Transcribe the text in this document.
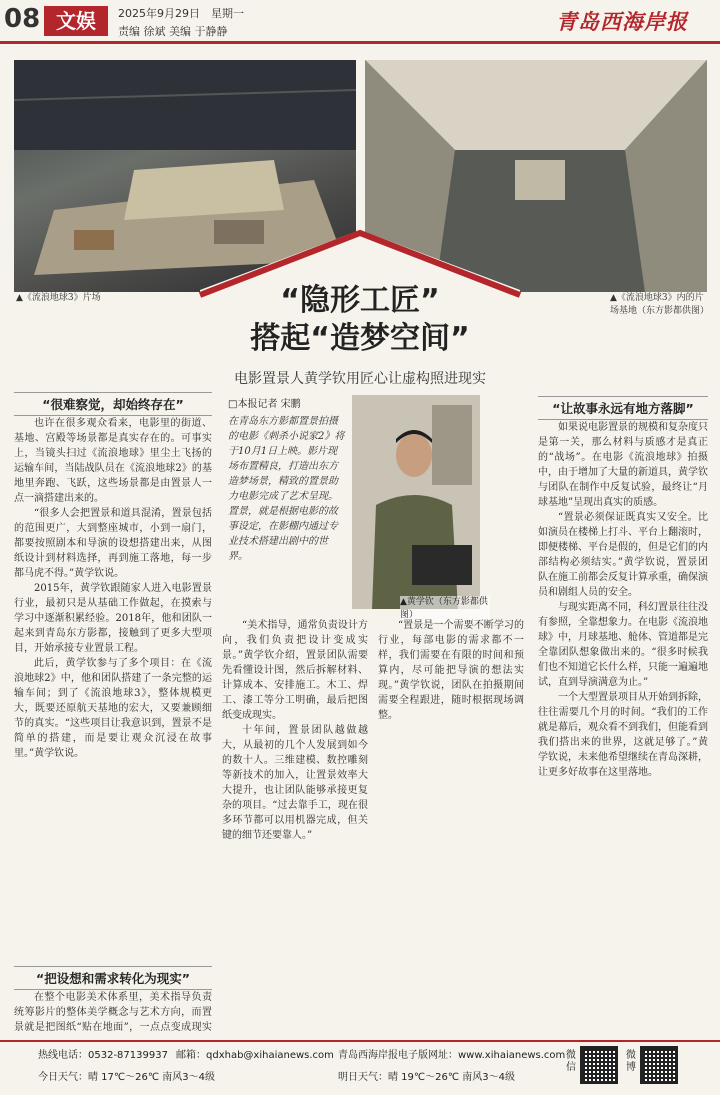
08 文娱	2025年9月29日　 星期一
责编 徐斌 美编 于静静	青岛西海岸报
▲《流浪地球3》片场	▲《流浪地球3》内的片场基地（东方影都供图）
“隐形工匠”
搭起“造梦空间”
电影置景人黄学钦用匠心让虚构照进现实
□本报记者 宋鹏
在青岛东方影都置景拍摄的电影《刺杀小说家2》将于10月1日上映。影片现场布置精良，打造出东方造梦场景，精致的置景助力电影完成了艺术呈现。置景，就是根据电影的故事设定，在影棚内通过专业技术搭建出剧中的世界。
▲黄学钦（东方影都供图）
“很难察觉，却始终存在”

也许在很多观众看来，电影里的街道、基地、宫殿等场景都是真实存在的。可事实上，当镜头扫过《流浪地球》里尘土飞扬的运输车间，当陆战队员在《流浪地球2》的基地里奔跑、飞跃，这些场景都是由置景人一点一滴搭建出来的。

“很多人会把置景和道具混淆，置景包括的范围更广，大到整座城市，小到一扇门，都要按照剧本和导演的设想搭建出来，从图纸设计到材料选择，再到施工落地，每一步都马虎不得。”黄学钦说。

2015年，黄学钦跟随家人进入电影置景行业，最初只是从基础工作做起，在摸索与学习中逐渐积累经验。2018年，他和团队一起来到青岛东方影都，接触到了更多大型项目，开始承接专业置景工程。

此后，黄学钦参与了多个项目：在《流浪地球2》中，他和团队搭建了一条完整的运输车间；到了《流浪地球3》，整体规模更大，既要还原航天基地的宏大，又要兼顾细节的真实。“这些项目让我意识到，置景不是简单的搭建，而是要让观众沉浸在故事里。”黄学钦说。

“把设想和需求转化为现实”

在整个电影美术体系里，美术指导负责统筹影片的整体美学概念与艺术方向，而置景就是把图纸“贴在地面”，一点点变成现实

“美术指导，通常负责设计方向，我们负责把设计变成实景。”黄学钦介绍，置景团队需要先看懂设计图，然后拆解材料、计算成本、安排施工。木工、焊工、漆工等分工明确，最后把图纸变成现实。

十年间，置景团队越做越大，从最初的几个人发展到如今的数十人。三维建模、数控雕刻等新技术的加入，让置景效率大大提升，也让团队能够承接更复杂的项目。“过去靠手工，现在很多环节都可以用机器完成，但关键的细节还要靠人。”

“置景是一个需要不断学习的行业，每部电影的需求都不一样，我们需要在有限的时间和预算内，尽可能把导演的想法实现。”黄学钦说，团队在拍摄期间需要全程跟进，随时根据现场调整。

“让故事永远有地方落脚”

如果说电影置景的规模和复杂度只是第一关，那么材料与质感才是真正的“战场”。在电影《流浪地球》拍摄中，由于增加了大量的新道具，黄学钦与团队在制作中反复试验，最终让“月球基地”呈现出真实的质感。

“置景必须保证既真实又安全。比如演员在楼梯上打斗、平台上翻滚时，即便楼梯、平台是假的，但是它们的内部结构必须结实。”黄学钦说，置景团队在施工前都会反复计算承重，确保演员和剧组人员的安全。

与现实距离不同，科幻置景往往没有参照，全靠想象力。在电影《流浪地球》中，月球基地、舱体、管道都是完全靠团队想象做出来的。“很多时候我们也不知道它长什么样，只能一遍遍地试，直到导演满意为止。”

一个大型置景项目从开始到拆除，往往需要几个月的时间。“我们的工作就是幕后，观众看不到我们，但能看到我们搭出来的世界，这就足够了。”黄学钦说，未来他希望继续在青岛深耕，让更多好故事在这里落地。

热线电话：0532-87139937 邮箱：qdxhab@xihaianews.com 青岛西海岸报电子版网址：www.xihaianews.com
今日天气：晴 17℃～26℃ 南风3～4级	明日天气：晴 19℃～26℃ 南风3～4级
微信
微博
